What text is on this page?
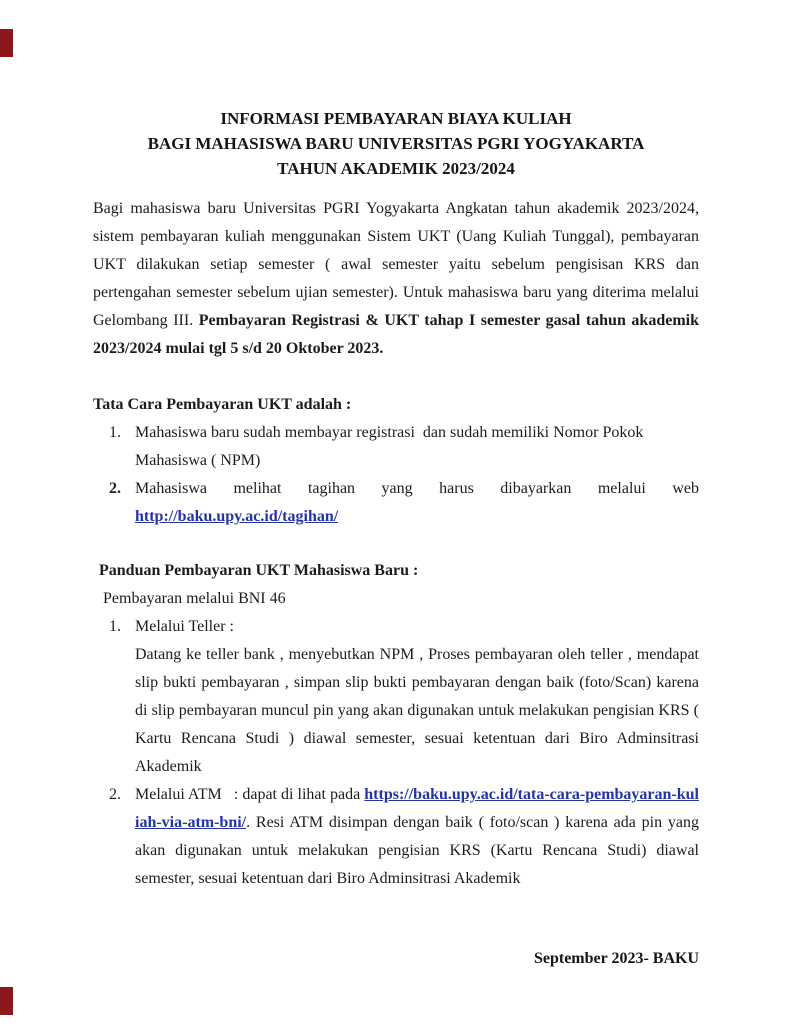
INFORMASI PEMBAYARAN BIAYA KULIAH
BAGI MAHASISWA BARU UNIVERSITAS PGRI YOGYAKARTA
TAHUN AKADEMIK 2023/2024

Bagi mahasiswa baru Universitas PGRI Yogyakarta Angkatan tahun akademik 2023/2024,  sistem pembayaran kuliah menggunakan Sistem UKT (Uang Kuliah Tunggal), pembayaran UKT dilakukan setiap semester ( awal semester yaitu sebelum pengisisan KRS dan pertengahan semester sebelum ujian semester). Untuk mahasiswa baru yang diterima melalui Gelombang III. Pembayaran Registrasi & UKT tahap I semester gasal tahun akademik 2023/2024 mulai tgl 5 s/d 20 Oktober 2023.

Tata Cara Pembayaran UKT adalah :

1. Mahasiswa baru sudah membayar registrasi  dan sudah memiliki Nomor Pokok  Mahasiswa ( NPM)
2. Mahasiswa melihat tagihan yang harus dibayarkan melalui web
http://baku.upy.ac.id/tagihan/

Panduan Pembayaran UKT Mahasiswa Baru :

Pembayaran melalui BNI 46
1. Melalui Teller :
Datang ke teller bank , menyebutkan NPM , Proses pembayaran oleh teller , mendapat slip bukti pembayaran , simpan slip bukti pembayaran dengan baik (foto/Scan) karena di slip pembayaran muncul pin yang akan digunakan untuk melakukan pengisian KRS ( Kartu Rencana Studi ) diawal semester, sesuai ketentuan dari Biro Adminsitrasi Akademik
2. Melalui ATM   : dapat di lihat pada https://baku.upy.ac.id/tata-cara-pembayaran-kuliah-via-atm-bni/. Resi ATM disimpan dengan baik ( foto/scan ) karena ada pin yang akan digunakan untuk melakukan pengisian KRS (Kartu Rencana Studi) diawal semester, sesuai ketentuan dari Biro Adminsitrasi Akademik
September 2023- BAKU
